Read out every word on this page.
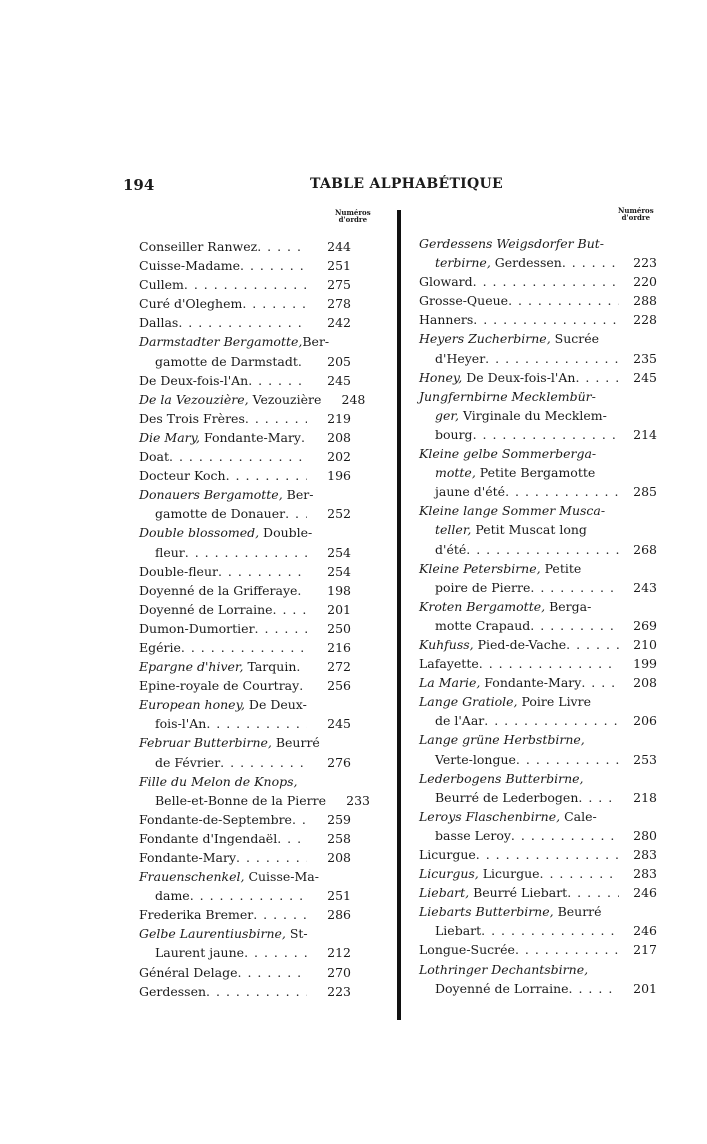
194	TABLE ALPHABÉTIQUE
Numéros
d'ordre
Numéros
d'ordre
Conseiller Ranwez . . .	244
Cuisse-Madame . . .	251
Cullem . . .	275
Curé d'Oleghem . . .	278
Dallas . . .	242
Darmstadter Bergamotte,Ber-
gamotte de Darmstadt . . .	205
De Deux-fois-l'An . . .	245
De la Vezouzière, Vezouzière	248
Des Trois Frères . . .	219
Die Mary, Fondante-Mary . . .	208
Doat . . .	202
Docteur Koch . . .	196
Donauers Bergamotte, Ber-
gamotte de Donauer . . .	252
Double blossomed, Double-
fleur . . .	254
Double-fleur . . .	254
Doyenné de la Grifferaye . . .	198
Doyenné de Lorraine . . .	201
Dumon-Dumortier . . .	250
Egérie . . .	216
Epargne d'hiver, Tarquin . . .	272
Epine-royale de Courtray . . .	256
European honey, De Deux-
fois-l'An . . .	245
Februar Butterbirne, Beurré
de Février . . .	276
Fille du Melon de Knops,
Belle-et-Bonne de la Pierre	233
Fondante-de-Septembre . . .	259
Fondante d'Ingendaël . . .	258
Fondante-Mary . . .	208
Frauenschenkel, Cuisse-Ma-
dame . . .	251
Frederika Bremer . . .	286
Gelbe Laurentiusbirne, St-
Laurent jaune . . .	212
Général Delage . . .	270
Gerdessen . . .	223
Gerdessens Weigsdorfer But-
terbirne, Gerdessen . . .	223
Gloward . . .	220
Grosse-Queue . . .	288
Hanners . . .	228
Heyers Zucherbirne, Sucrée
d'Heyer . . .	235
Honey, De Deux-fois-l'An . . .	245
Jungfernbirne Mecklembür-
ger, Virginale du Mecklem-
bourg . . .	214
Kleine gelbe Sommerberga-
motte, Petite Bergamotte
jaune d'été . . .	285
Kleine lange Sommer Musca-
teller, Petit Muscat long
d'été . . .	268
Kleine Petersbirne, Petite
poire de Pierre . . .	243
Kroten Bergamotte, Berga-
motte Crapaud . . .	269
Kuhfuss, Pied-de-Vache . . .	210
Lafayette . . .	199
La Marie, Fondante-Mary . . .	208
Lange Gratiole, Poire Livre
de l'Aar . . .	206
Lange grüne Herbstbirne,
Verte-longue . . .	253
Lederbogens Butterbirne,
Beurré de Lederbogen . . .	218
Leroys Flaschenbirne, Cale-
basse Leroy . . .	280
Licurgue . . .	283
Licurgus, Licurgue . . .	283
Liebart, Beurré Liebart . . .	246
Liebarts Butterbirne, Beurré
Liebart . . .	246
Longue-Sucrée . . .	217
Lothringer Dechantsbirne,
Doyenné de Lorraine . . .	201
